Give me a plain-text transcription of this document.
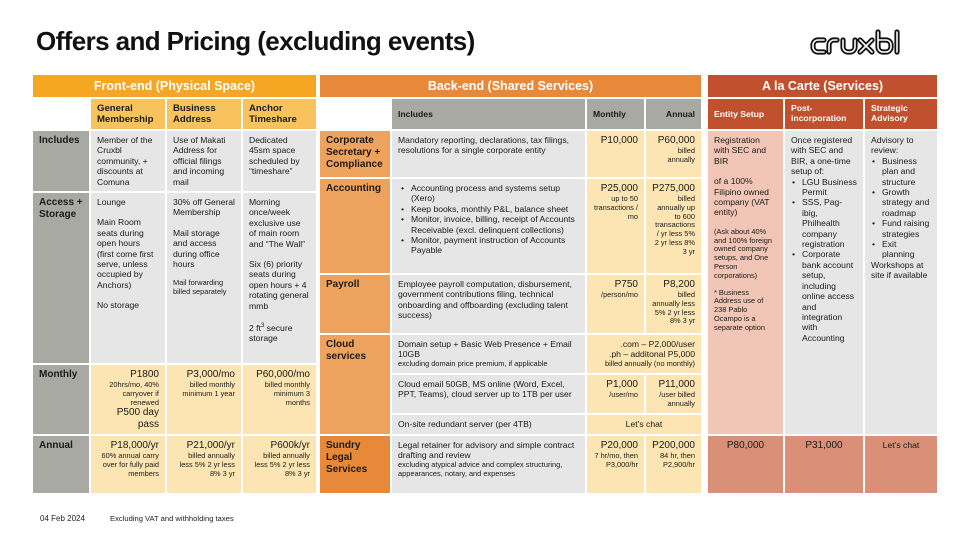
Offers and Pricing (excluding events)
Front-end (Physical Space)
General Membership
Business Address
Anchor Timeshare
Includes
Access + Storage
Monthly
Annual
Member of the Cruxbl community, + discounts at Comuna
Use of Makati Address for official filings and incoming mail
Dedicated 45sm space scheduled by “timeshare”
Lounge
Main Room seats during open hours (first come first serve, unless occupied by Anchors)
No storage
30% off General Membership
Mail storage and access during office hours
Mail forwarding billed separately
Morning once/week exclusive use of main room and “The Wall”
Six (6) priority seats during open hours + 4 rotating general mmb
2 $ft^3$ secure storage
P1800
20hrs/mo, 40% carryover if renewed
P500 day pass
P3,000/mo
billed monthly minimum 1 year
P60,000/mo
billed monthly minimum 3 months
P18,000/yr
60% annual carry over for fully paid members
P21,000/yr
billed annually less 5% 2 yr less 8% 3 yr
P600k/yr
billed annually less 5% 2 yr less 8% 3 yr
Back-end (Shared Services)
Includes	Monthly	Annual
Corporate Secretary + Compliance
Mandatory reporting, declarations, tax filings, resolutions for a single corporate entity
P10,000	P60,000
billed annually
Accounting
•	Accounting process and systems setup (Xero)
• Keep books, monthly P&L, balance sheet
• Monitor, invoice, billing, receipt of Accounts Receivable (excl. delinquent collections)
• Monitor, payment instruction of Accounts Payable
P25,000
up to 50 transactions / mo
P275,000
billed annually up to 600 transactions / yr less 5% 2 yr less 8% 3 yr
Payroll	Employee payroll computation, disbursement, government contributions filing, technical onboarding and offboarding (excluding talent success)
P750
/person/mo
P8,200
billed annually less 5% 2 yr less 8% 3 yr
Cloud services
Domain setup + Basic Web Presence + Email 10GB
excluding domain price premium, if applicable
.com – P2,000/user
.ph – additonal P5,000
billed annually (no monthly)
Cloud email 50GB, MS online (Word, Excel, PPT, Teams), cloud server up to 1TB per user
P1,000
/user/mo
P11,000
/user billed annually
On-site redundant server (per 4TB)	Let’s chat
Sundry Legal Services
Legal retainer for advisory and simple contract drafting and review
excluding atypical advice and complex structuring, appearances, notary, and expenses
P20,000
7 hr/mo, then P3,000/hr
P200,000
84 hr, then P2,900/hr
A la Carte (Services)
Entity Setup
Post-incorporation
Strategic Advisory
Registration with SEC and BIR
of a 100% Filipino owned company (VAT entity)
(Ask about 40% and 100% foreign owned company setups, and One Person corporations)
* Business Address use of 238 Pablo Ocampo is a separate option
P80,000
Once registered with SEC and BIR, a one-time setup of:
• LGU Business Permit
• SSS, Pag-ibig, Philhealth company registration
• Corporate bank account setup, including online access and integration with Accounting
P31,000
Advisory to review:
• Business plan and structure
• Growth strategy and roadmap
• Fund raising strategies
• Exit planning
Workshops at site if available
Let’s chat
04 Feb 2024	Excluding VAT and withholding taxes
